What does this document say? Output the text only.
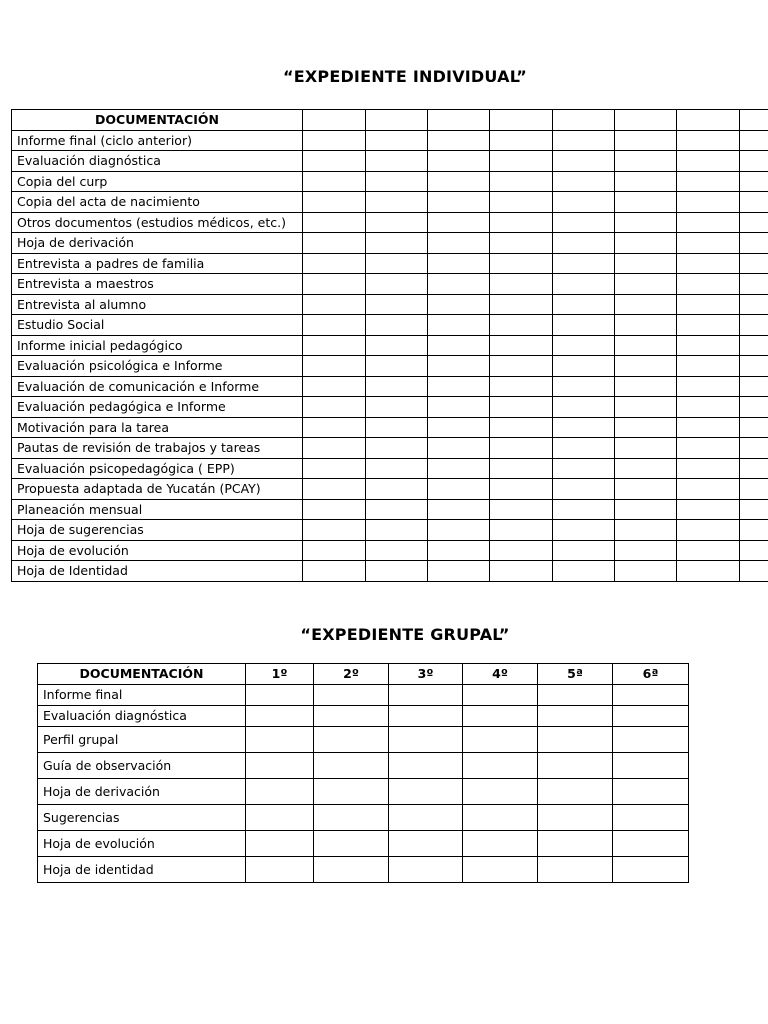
“EXPEDIENTE INDIVIDUAL”
DOCUMENTACIÓN								
Informe final (ciclo anterior)								
Evaluación diagnóstica								
Copia del curp								
Copia del acta de nacimiento								
Otros documentos (estudios médicos, etc.)								
Hoja de derivación								
Entrevista a padres de familia								
Entrevista a maestros								
Entrevista al alumno								
Estudio Social								
Informe inicial pedagógico								
Evaluación psicológica e Informe								
Evaluación de comunicación e Informe								
Evaluación pedagógica e Informe								
Motivación para la tarea								
Pautas de revisión de trabajos y tareas								
Evaluación psicopedagógica ( EPP)								
Propuesta adaptada de Yucatán (PCAY)								
Planeación mensual								
Hoja de sugerencias								
Hoja de evolución								
Hoja de Identidad								
“EXPEDIENTE GRUPAL”
DOCUMENTACIÓN	1º	2º	3º	4º	5ª	6ª
Informe final						
Evaluación diagnóstica						
Perfil grupal						
Guía de observación						
Hoja de derivación						
Sugerencias						
Hoja de evolución						
Hoja de identidad						
